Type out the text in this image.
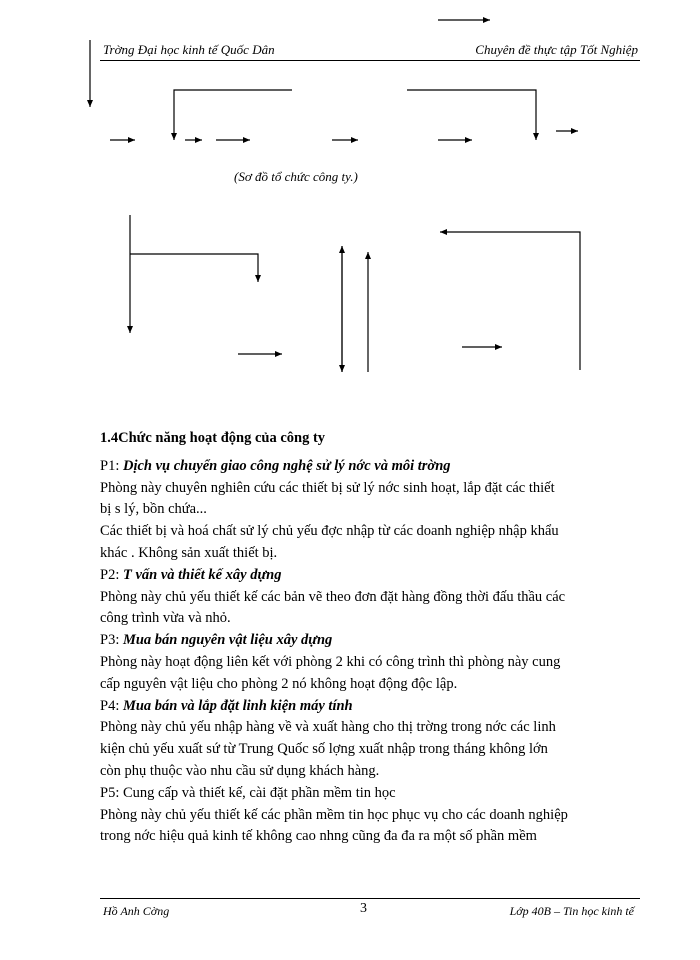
Trờng Đại học kinh tế Quốc Dân	Chuyên đề thực tập Tốt Nghiệp
(Sơ đồ tổ chức công ty.)

1.4Chức năng hoạt động của công ty

P1: Dịch vụ chuyển giao công nghệ sử lý nớc và môi trờng

Phòng này chuyên nghiên cứu các thiết bị sử lý nớc sinh hoạt, lắp đặt các thiết

bị s lý, bồn chứa...

Các thiết bị và hoá chất sử lý chủ yếu đợc nhập từ các doanh nghiệp nhập khẩu

khác . Không sản xuất thiết bị.

P2: T vấn và thiết kế xây dựng

Phòng này chủ yếu thiết kế các bản vẽ theo đơn đặt hàng đồng thời đấu thầu các

công trình vừa và nhỏ.

P3: Mua bán nguyên vật liệu xây dựng

Phòng này hoạt động liên kết với phòng 2 khi có công trình thì phòng này cung

cấp nguyên vật liệu cho phòng 2 nó không hoạt động độc lập.

P4: Mua bán và lắp đặt linh kiện máy tính

Phòng này chủ yếu nhập hàng về và xuất hàng cho thị trờng trong nớc các linh

kiện chủ yếu xuất sứ từ Trung Quốc số lợng xuất nhập trong tháng không lớn

còn phụ thuộc vào nhu cầu sử dụng khách hàng.

P5: Cung cấp và thiết kế, cài đặt phần mềm tin học

Phòng này chủ yếu thiết kế các phần mềm tin học phục vụ cho các doanh nghiệp

trong nớc hiệu quả kinh tế không cao nhng cũng đa đa ra một số phần mềm

Hồ Anh Cờng	3	Lớp 40B – Tin học kinh tế
